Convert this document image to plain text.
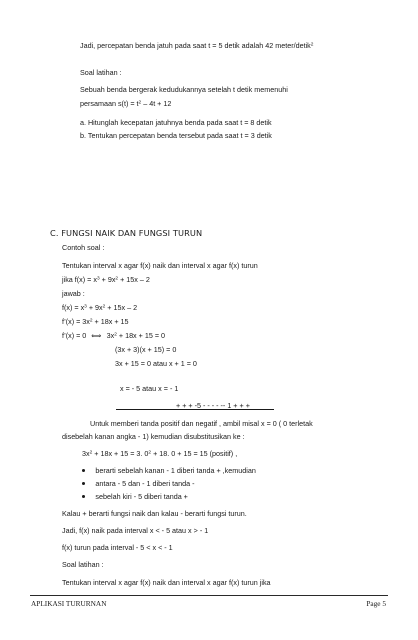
Jadi, percepatan benda jatuh pada saat t = 5 detik adalah 42 meter/detik$^2$
Soal latihan :
Sebuah benda bergerak kedudukannya setelah t detik memenuhi
persamaan $s(t) = t^2 - 4t + 12$
a. Hitunglah kecepatan jatuhnya benda pada saat t = 8 detik
b. Tentukan percepatan benda tersebut pada saat t = 3 detik
C. FUNGSI NAIK DAN FUNGSI TURUN
Contoh soal :
Tentukan interval x agar f(x) naik dan interval x agar f(x) turun
jika $f(x) = x^3 + 9x^2 + 15x - 2$
jawab :
$f(x) = x^3 + 9x^2 + 15x - 2$
f’(x) = $3x^2 + 18x + 15$
f’(x) = 0 ⟺ $3x^2 + 18x + 15 = 0$
(3x + 3)(x + 15) = 0
3x + 15 = 0 atau x + 1 = 0
x = - 5 atau x = - 1
+ + + -5 - - - - -- 1 + + +
Untuk memberi tanda positif dan negatif , ambil misal x = 0 ( 0 terletak
disebelah kanan angka - 1) kemudian disubstitusikan ke :
$3x^2 + 18x + 15 = 3$. $0^2 + 18$. 0 + 15 = 15 (positif) ,
berarti sebelah kanan - 1 diberi tanda + ,kemudian
antara - 5 dan - 1 diberi tanda -
sebelah kiri - 5 diberi tanda +
Kalau + berarti fungsi naik dan kalau - berarti fungsi turun.
Jadi, f(x) naik pada interval x < - 5 atau x > - 1
f(x) turun pada interval - 5 < x < - 1
Soal latihan :
Tentukan interval x agar f(x) naik dan interval x agar f(x) turun jika
APLIKASI TURURNAN	Page 5
